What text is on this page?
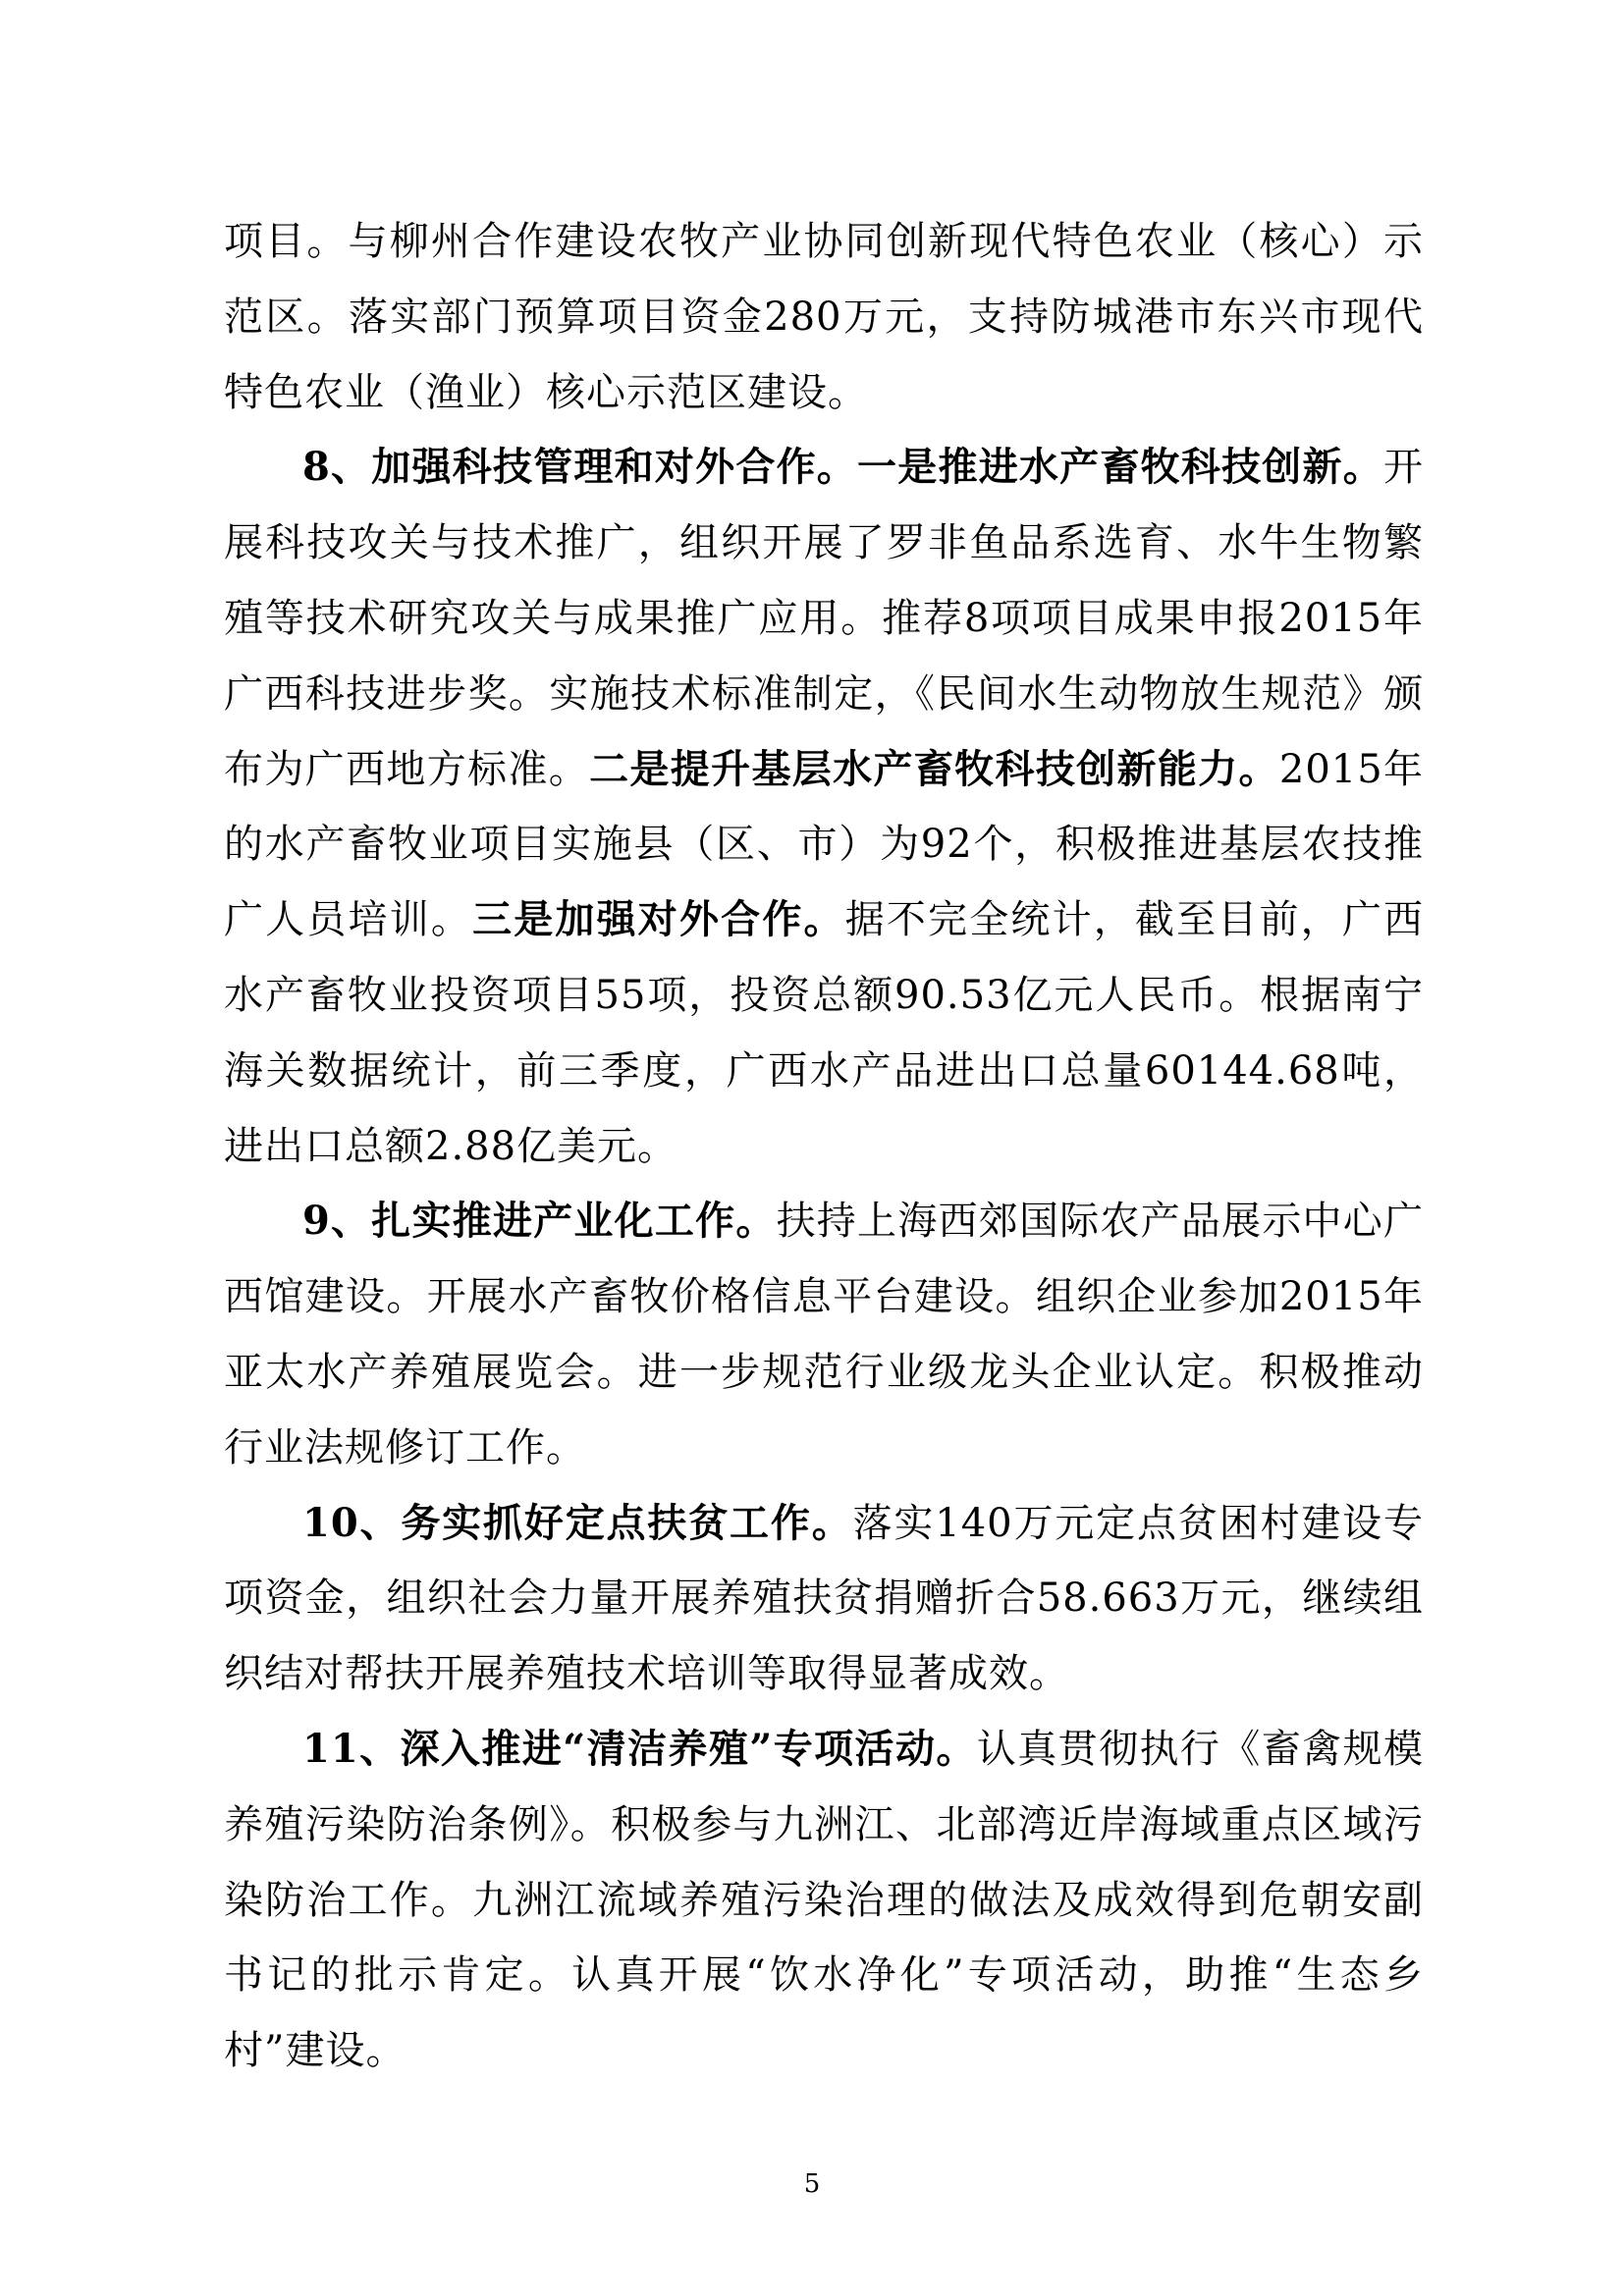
项目。与柳州合作建设农牧产业协同创新现代特色农业（核心）示范区。落实部门预算项目资金280万元，支持防城港市东兴市现代特色农业（渔业）核心示范区建设。

8、加强科技管理和对外合作。一是推进水产畜牧科技创新。开展科技攻关与技术推广，组织开展了罗非鱼品系选育、水牛生物繁殖等技术研究攻关与成果推广应用。推荐8项项目成果申报2015年广西科技进步奖。实施技术标准制定，《民间水生动物放生规范》颁布为广西地方标准。二是提升基层水产畜牧科技创新能力。2015年的水产畜牧业项目实施县（区、市）为92个，积极推进基层农技推广人员培训。三是加强对外合作。据不完全统计，截至目前，广西水产畜牧业投资项目55项，投资总额90.53亿元人民币。根据南宁海关数据统计，前三季度，广西水产品进出口总量60144.68吨，进出口总额2.88亿美元。

9、扎实推进产业化工作。扶持上海西郊国际农产品展示中心广西馆建设。开展水产畜牧价格信息平台建设。组织企业参加2015年亚太水产养殖展览会。进一步规范行业级龙头企业认定。积极推动行业法规修订工作。

10、务实抓好定点扶贫工作。落实140万元定点贫困村建设专项资金，组织社会力量开展养殖扶贫捐赠折合58.663万元，继续组织结对帮扶开展养殖技术培训等取得显著成效。

11、深入推进“清洁养殖”专项活动。认真贯彻执行《畜禽规模养殖污染防治条例》。积极参与九洲江、北部湾近岸海域重点区域污染防治工作。九洲江流域养殖污染治理的做法及成效得到危朝安副书记的批示肯定。认真开展“饮水净化”专项活动，助推“生态乡村”建设。

5
